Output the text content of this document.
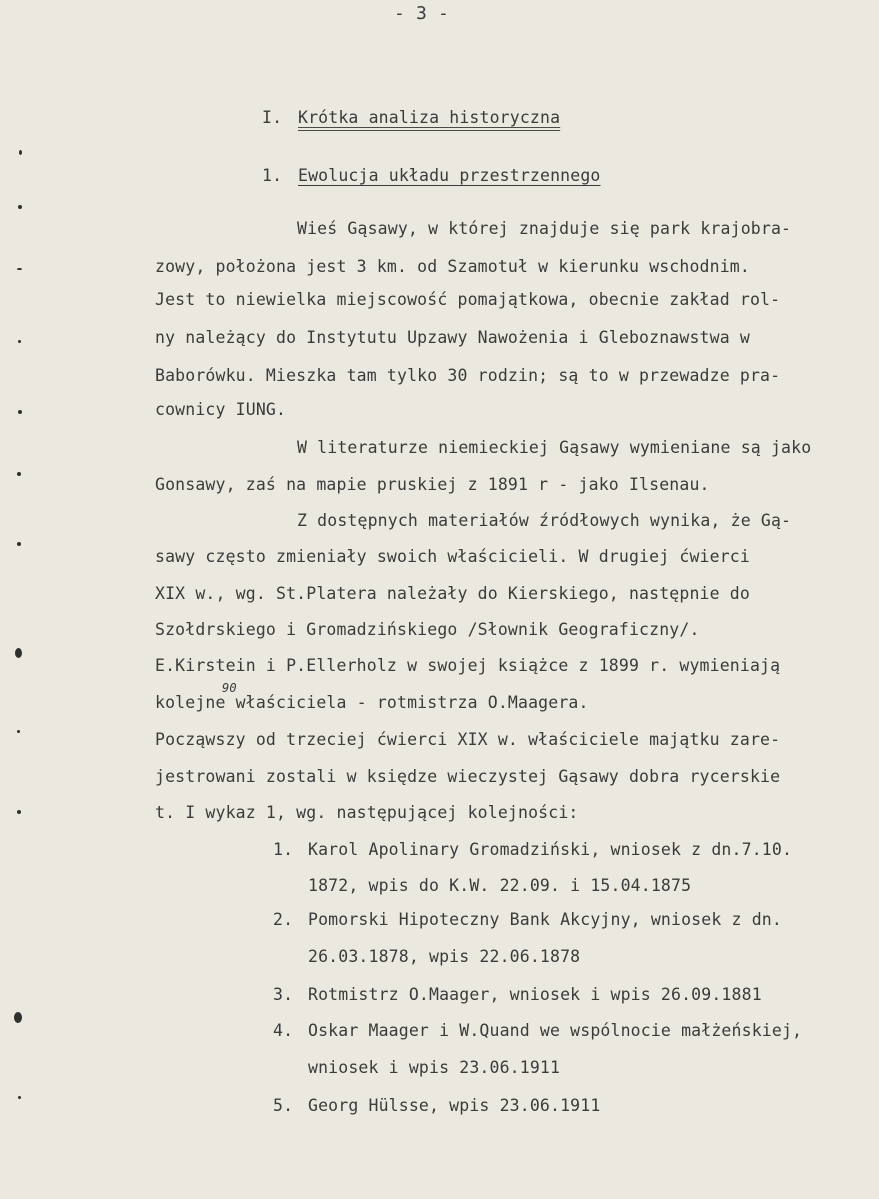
- 3 -
I. Krótka analiza historyczna
1. Ewolucja układu przestrzennego
Wieś Gąsawy, w której znajduje się park krajobra-
zowy, położona jest 3 km. od Szamotuł w kierunku wschodnim.
Jest to niewielka miejscowość pomajątkowa, obecnie zakład rol-
ny należący do Instytutu Upzawy Nawożenia i Gleboznawstwa w
Baborówku. Mieszka tam tylko 30 rodzin; są to w przewadze pra-
cownicy IUNG.
W literaturze niemieckiej Gąsawy wymieniane są jako
Gonsawy, zaś na mapie pruskiej z 1891 r - jako Ilsenau.
Z dostępnych materiałów źródłowych wynika, że Gą-
sawy często zmieniały swoich właścicieli. W drugiej ćwierci
XIX w., wg. St.Platera należały do Kierskiego, następnie do
Szołdrskiego i Gromadzińskiego /Słownik Geograficzny/.
E.Kirstein i P.Ellerholz w swojej książce z 1899 r. wymieniają
kolejne właściciela - rotmistrza O.Maagera.
90
Począwszy od trzeciej ćwierci XIX w. właściciele majątku zare-
jestrowani zostali w księdze wieczystej Gąsawy dobra rycerskie
t. I wykaz 1, wg. następującej kolejności:
1. Karol Apolinary Gromadziński, wniosek z dn.7.10.
1872, wpis do K.W. 22.09. i 15.04.1875
2. Pomorski Hipoteczny Bank Akcyjny, wniosek z dn.
26.03.1878, wpis 22.06.1878
3. Rotmistrz O.Maager, wniosek i wpis 26.09.1881
4. Oskar Maager i W.Quand we wspólnocie małżeńskiej,
wniosek i wpis 23.06.1911
5. Georg Hülsse, wpis 23.06.1911
